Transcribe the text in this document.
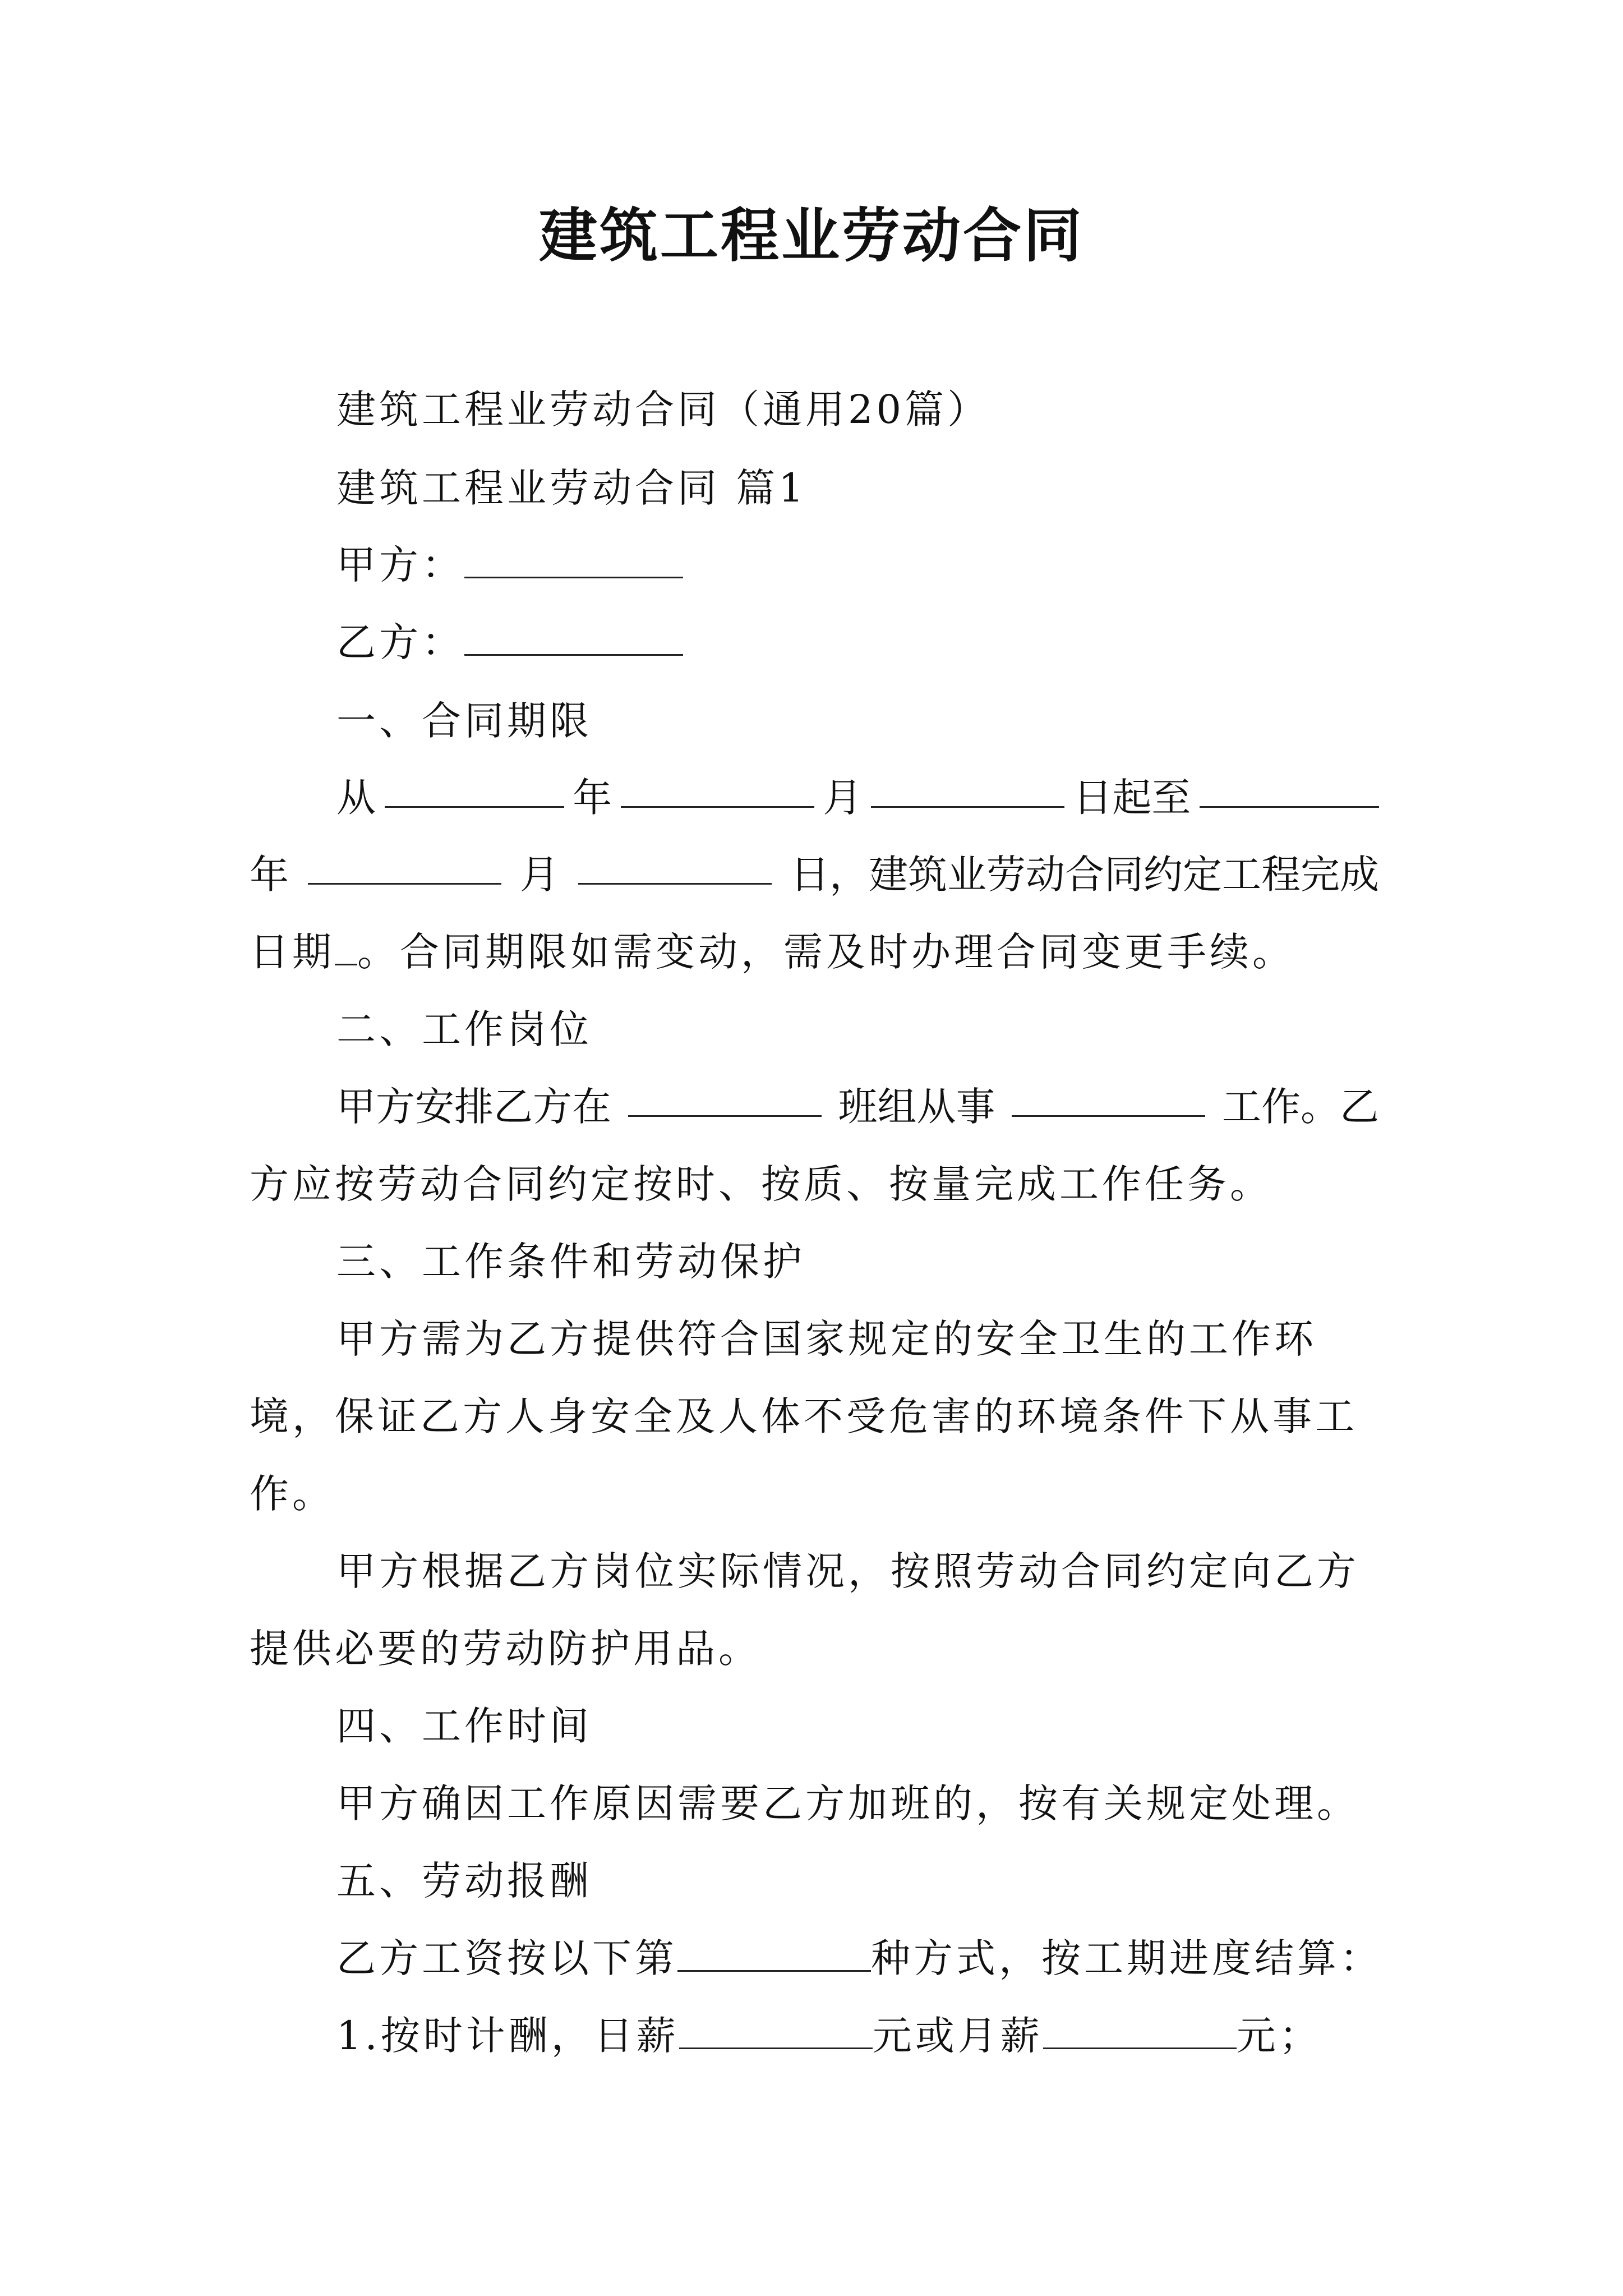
建筑工程业劳动合同
建筑工程业劳动合同（通用20篇）
建筑工程业劳动合同 篇1
甲方：
乙方：
一、合同期限
从	年	月	日起至
年	月	日，建筑业劳动合同约定工程完成
日期 。合同期限如需变动，需及时办理合同变更手续。
二、工作岗位
甲方安排乙方在	班组从事	工作。乙
方应按劳动合同约定按时、按质、按量完成工作任务。
三、工作条件和劳动保护
甲方需为乙方提供符合国家规定的安全卫生的工作环
境，保证乙方人身安全及人体不受危害的环境条件下从事工
作。
甲方根据乙方岗位实际情况，按照劳动合同约定向乙方
提供必要的劳动防护用品。
四、工作时间
甲方确因工作原因需要乙方加班的，按有关规定处理。
五、劳动报酬
乙方工资按以下第	种方式，按工期进度结算：
1.按时计酬，日薪	元或月薪	元；
